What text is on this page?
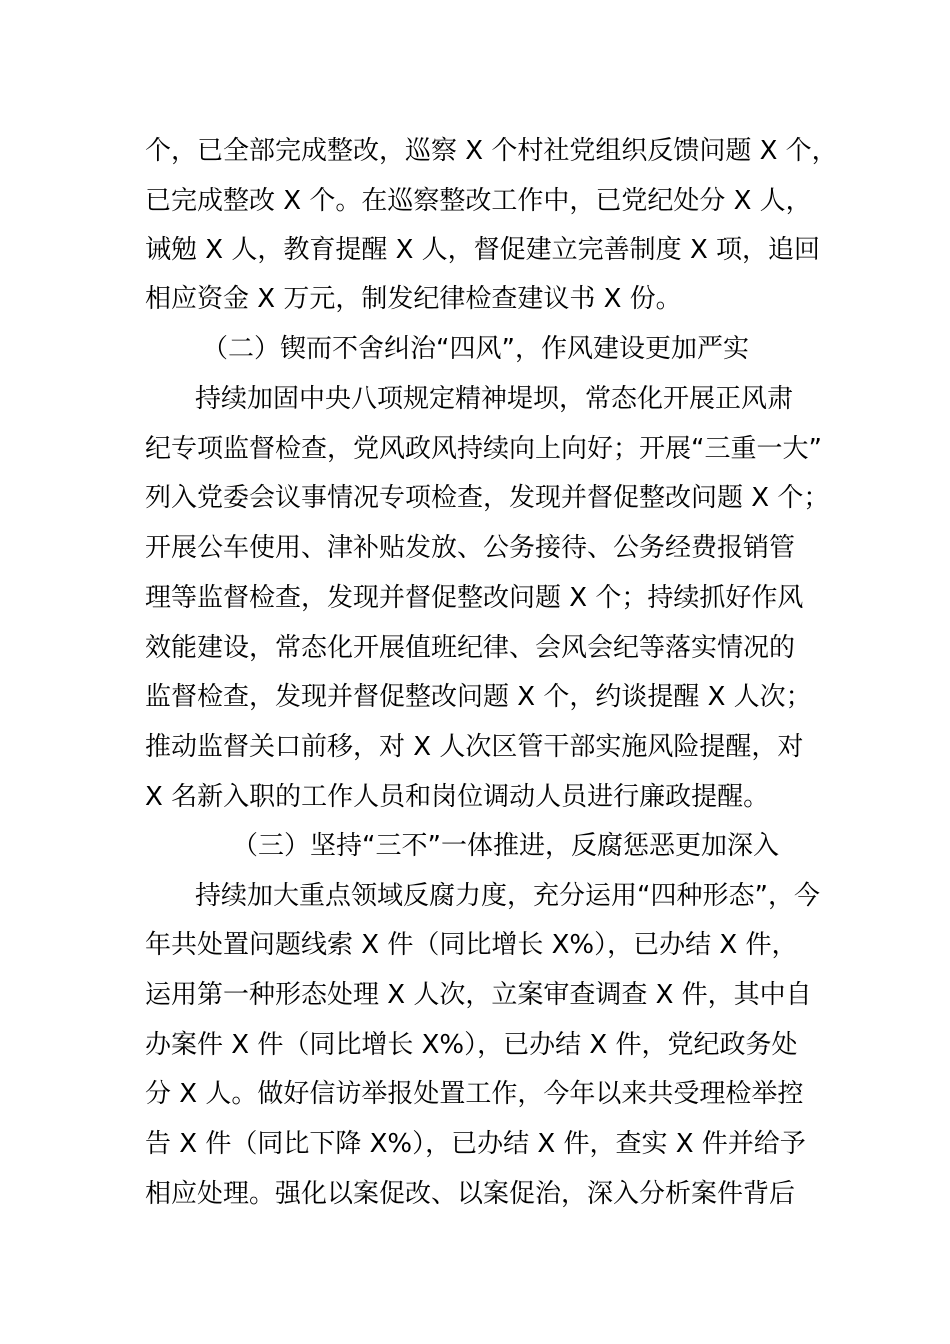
个，已全部完成整改，巡察 X 个村社党组织反馈问题 X 个，
已完成整改 X 个。在巡察整改工作中，已党纪处分 X 人，
诫勉 X 人，教育提醒 X 人，督促建立完善制度 X 项，追回
相应资金 X 万元，制发纪律检查建议书 X 份。
（二）锲而不舍纠治“四风”，作风建设更加严实
持续加固中央八项规定精神堤坝，常态化开展正风肃
纪专项监督检查，党风政风持续向上向好；开展“三重一大”
列入党委会议事情况专项检查，发现并督促整改问题 X 个；
开展公车使用、津补贴发放、公务接待、公务经费报销管
理等监督检查，发现并督促整改问题 X 个；持续抓好作风
效能建设，常态化开展值班纪律、会风会纪等落实情况的
监督检查，发现并督促整改问题 X 个，约谈提醒 X 人次；
推动监督关口前移，对 X 人次区管干部实施风险提醒，对
X 名新入职的工作人员和岗位调动人员进行廉政提醒。
（三）坚持“三不”一体推进，反腐惩恶更加深入
持续加大重点领域反腐力度，充分运用“四种形态”，今
年共处置问题线索 X 件（同比增长 X%），已办结 X 件，
运用第一种形态处理 X 人次，立案审查调查 X 件，其中自
办案件 X 件（同比增长 X%），已办结 X 件，党纪政务处
分 X 人。做好信访举报处置工作，今年以来共受理检举控
告 X 件（同比下降 X%），已办结 X 件，查实 X 件并给予
相应处理。强化以案促改、以案促治，深入分析案件背后
